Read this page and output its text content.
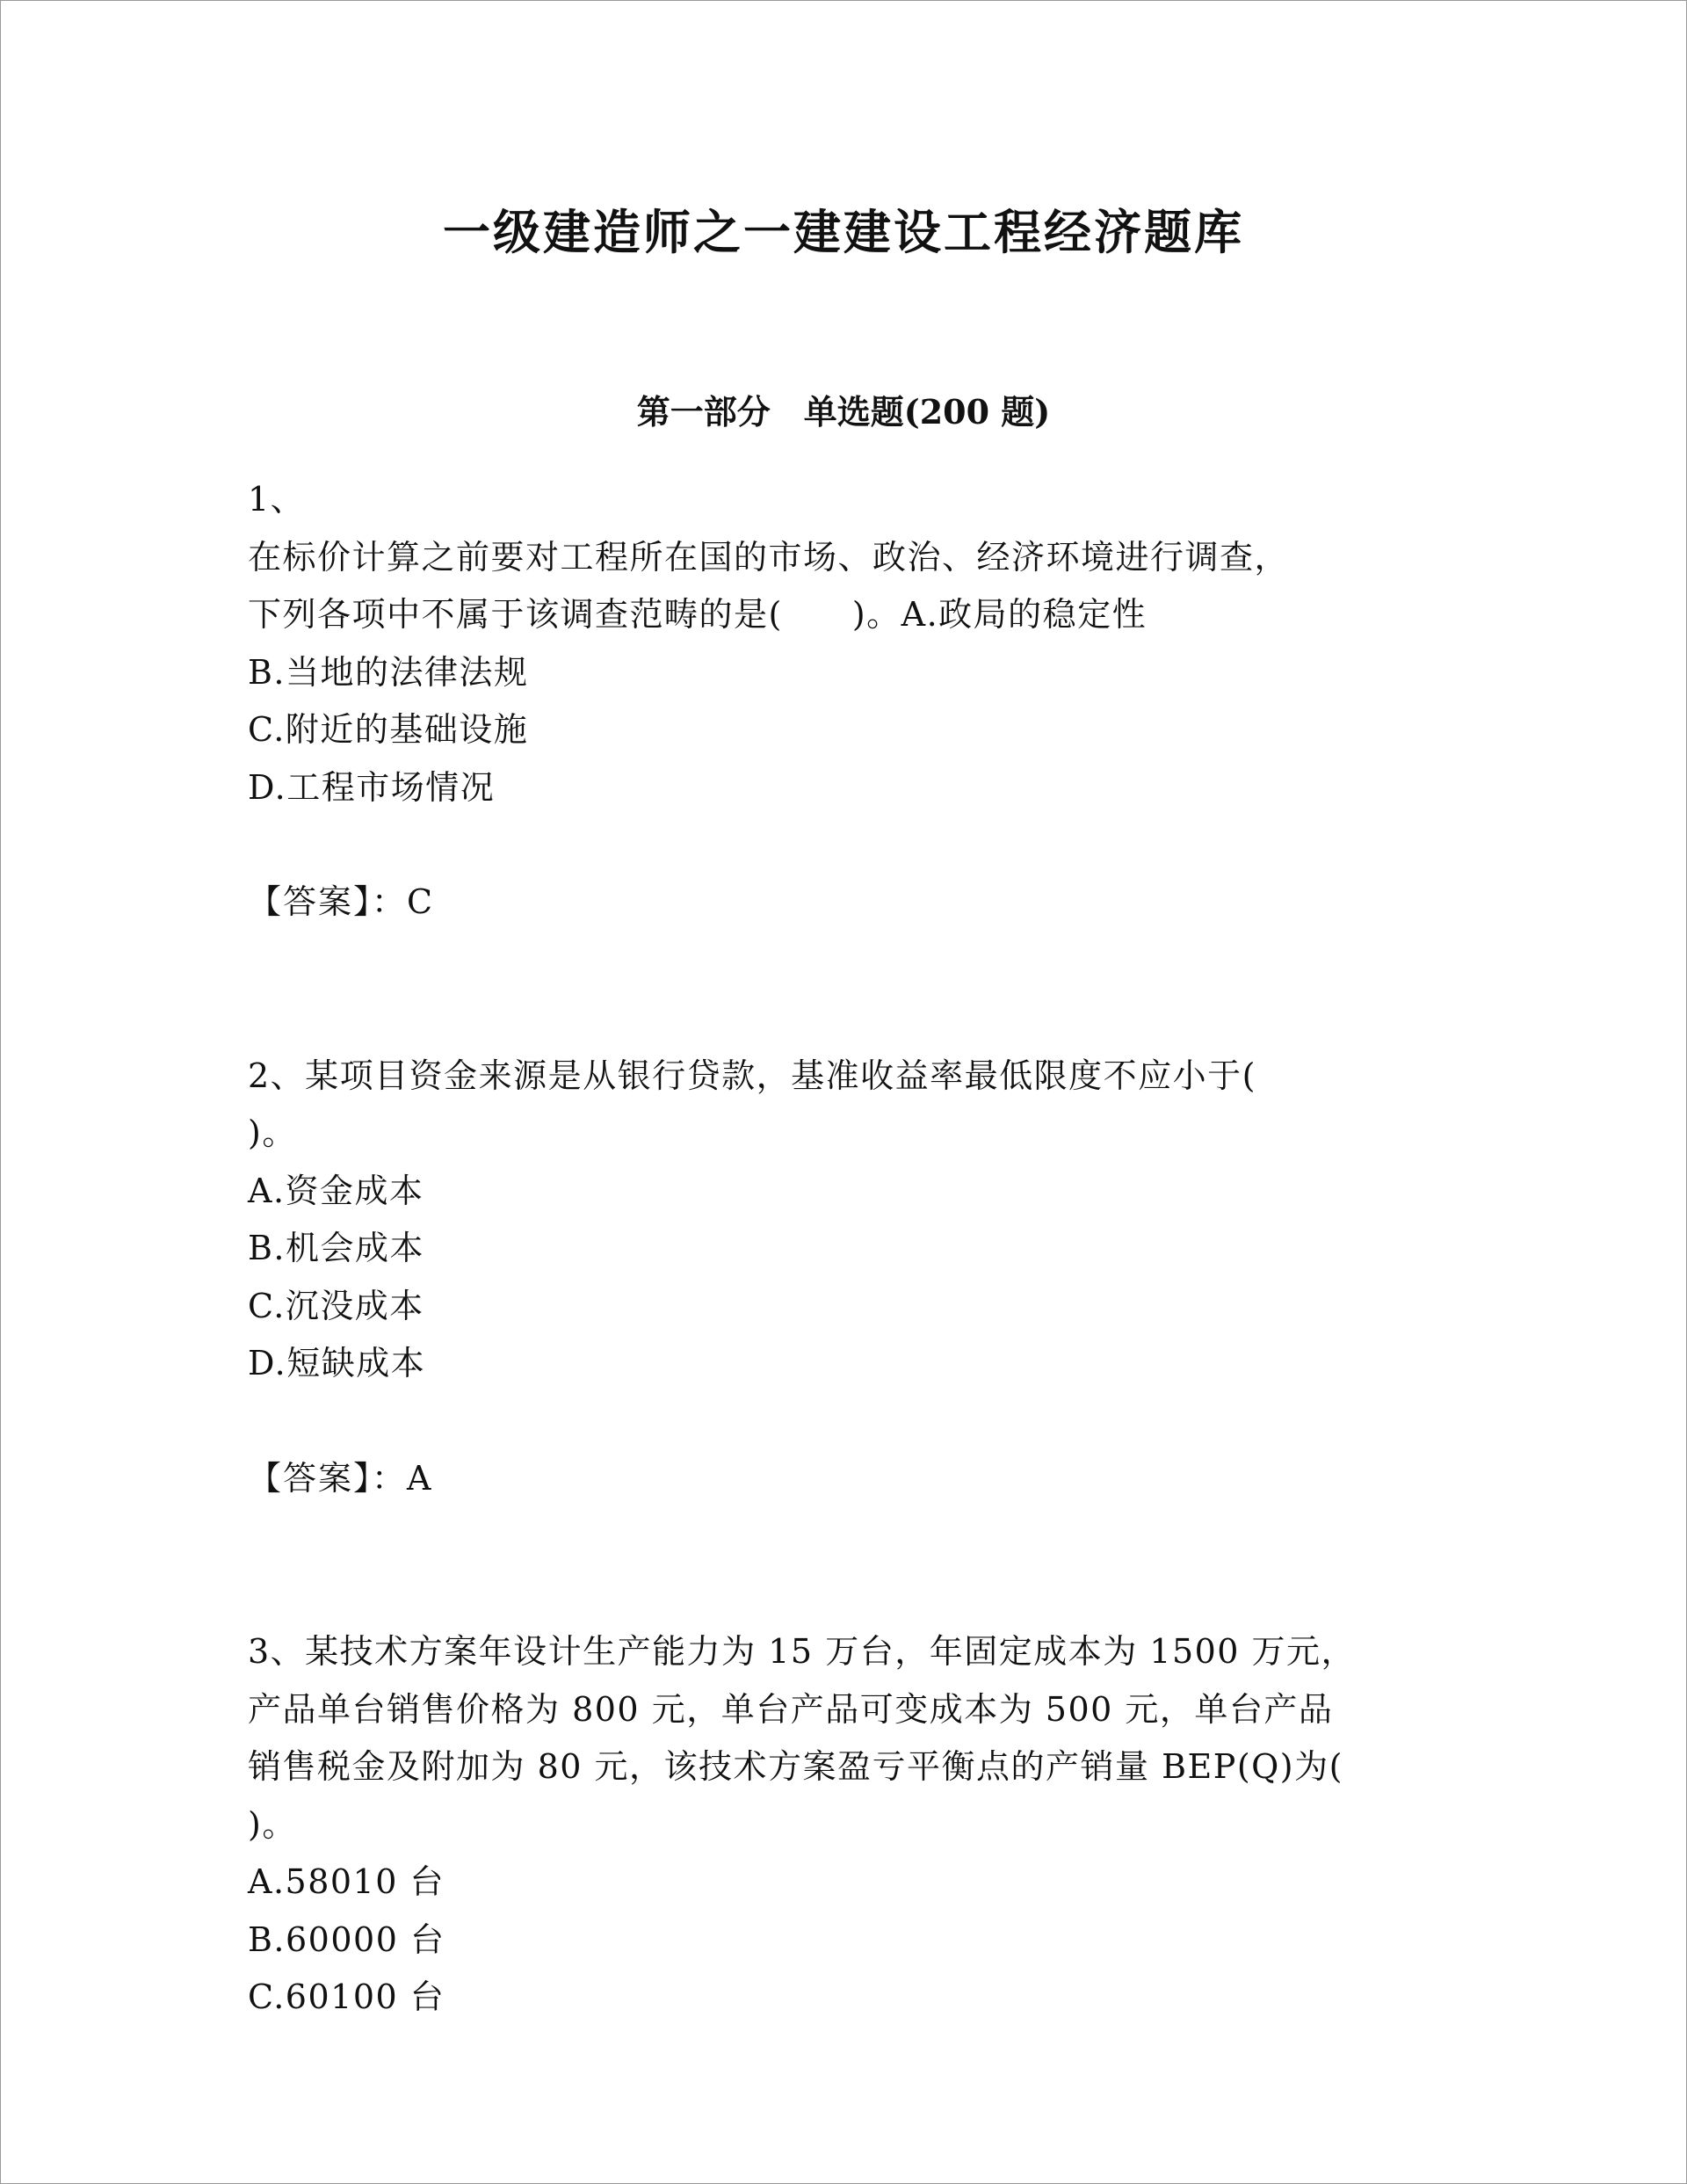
一级建造师之一建建设工程经济题库
第一部分　单选题(200 题)
1、
在标价计算之前要对工程所在国的市场、政治、经济环境进行调查，
下列各项中不属于该调查范畴的是(　　)。A.政局的稳定性
B.当地的法律法规
C.附近的基础设施
D.工程市场情况
【答案】：C
2、某项目资金来源是从银行贷款，基准收益率最低限度不应小于(
)。
A.资金成本
B.机会成本
C.沉没成本
D.短缺成本
【答案】：A
3、某技术方案年设计生产能力为 15 万台，年固定成本为 1500 万元，
产品单台销售价格为 800 元，单台产品可变成本为 500 元，单台产品
销售税金及附加为 80 元，该技术方案盈亏平衡点的产销量 BEP(Q)为(
)。
A.58010 台
B.60000 台
C.60100 台
